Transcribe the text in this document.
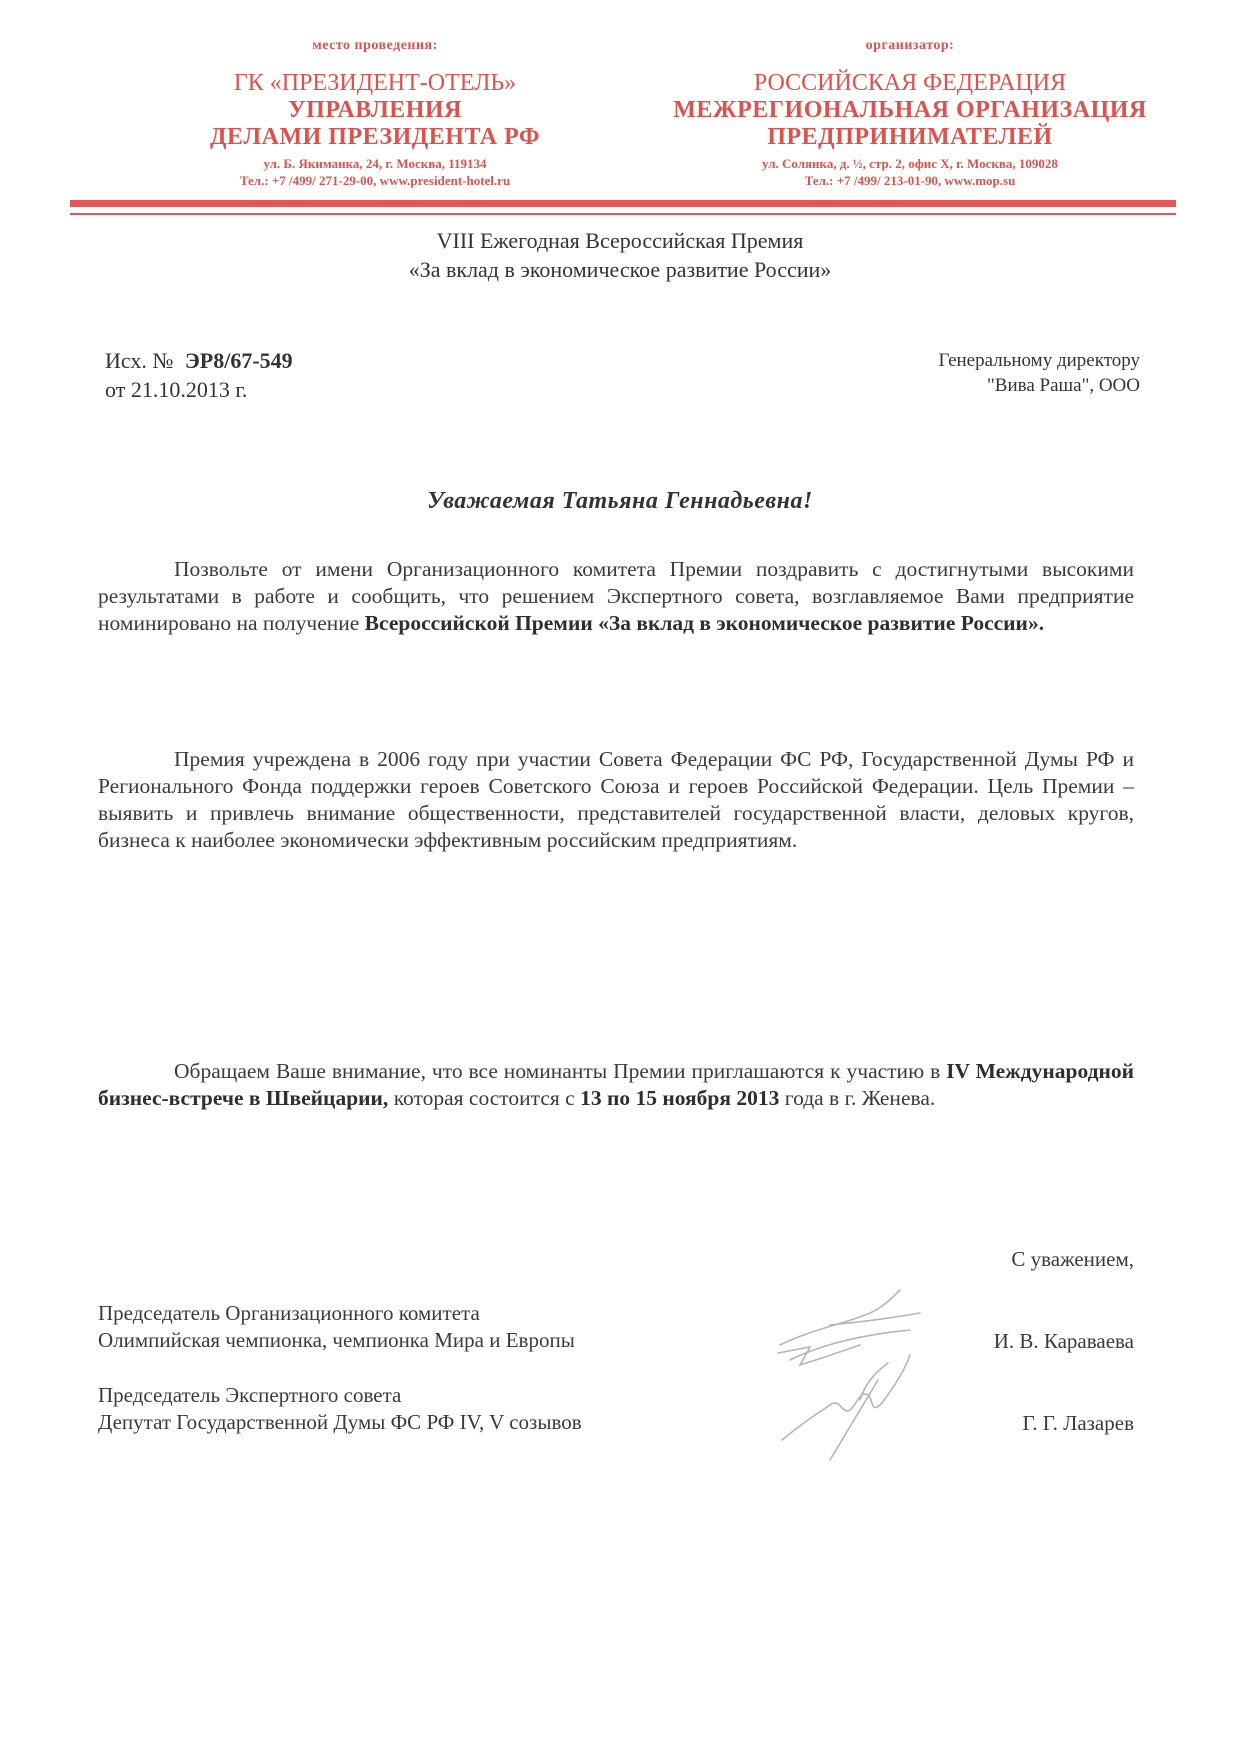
место проведения:
ГК «ПРЕЗИДЕНТ-ОТЕЛЬ»
УПРАВЛЕНИЯ
ДЕЛАМИ ПРЕЗИДЕНТА РФ
ул. Б. Якиманка, 24, г. Москва, 119134
Тел.: +7 /499/ 271-29-00, www.president-hotel.ru
организатор:
РОССИЙСКАЯ ФЕДЕРАЦИЯ
МЕЖРЕГИОНАЛЬНАЯ ОРГАНИЗАЦИЯ
ПРЕДПРИНИМАТЕЛЕЙ
ул. Солянка, д. ½, стр. 2, офис X, г. Москва, 109028
Тел.: +7 /499/ 213-01-90, www.mop.su
VIII Ежегодная Всероссийская Премия
«За вклад в экономическое развитие России»
Исх. № ЭР8/67-549
от 21.10.2013 г.
Генеральному директору
"Вива Раша", ООО
Уважаемая Татьяна Геннадьевна!
Позвольте от имени Организационного комитета Премии поздравить с достигнутыми высокими результатами в работе и сообщить, что решением Экспертного совета, возглавляемое Вами предприятие номинировано на получение Всероссийской Премии «За вклад в экономическое развитие России».
Премия учреждена в 2006 году при участии Совета Федерации ФС РФ, Государственной Думы РФ и Регионального Фонда поддержки героев Советского Союза и героев Российской Федерации. Цель Премии – выявить и привлечь внимание общественности, представителей государственной власти, деловых кругов, бизнеса к наиболее экономически эффективным российским предприятиям.
Обращаем Ваше внимание, что все номинанты Премии приглашаются к участию в IV Международной бизнес-встрече в Швейцарии, которая состоится с 13 по 15 ноября 2013 года в г. Женева.
С уважением,
Председатель Организационного комитета
Олимпийская чемпионка, чемпионка Мира и Европы	И. В. Караваева
Председатель Экспертного совета
Депутат Государственной Думы ФС РФ IV, V созывов	Г. Г. Лазарев
